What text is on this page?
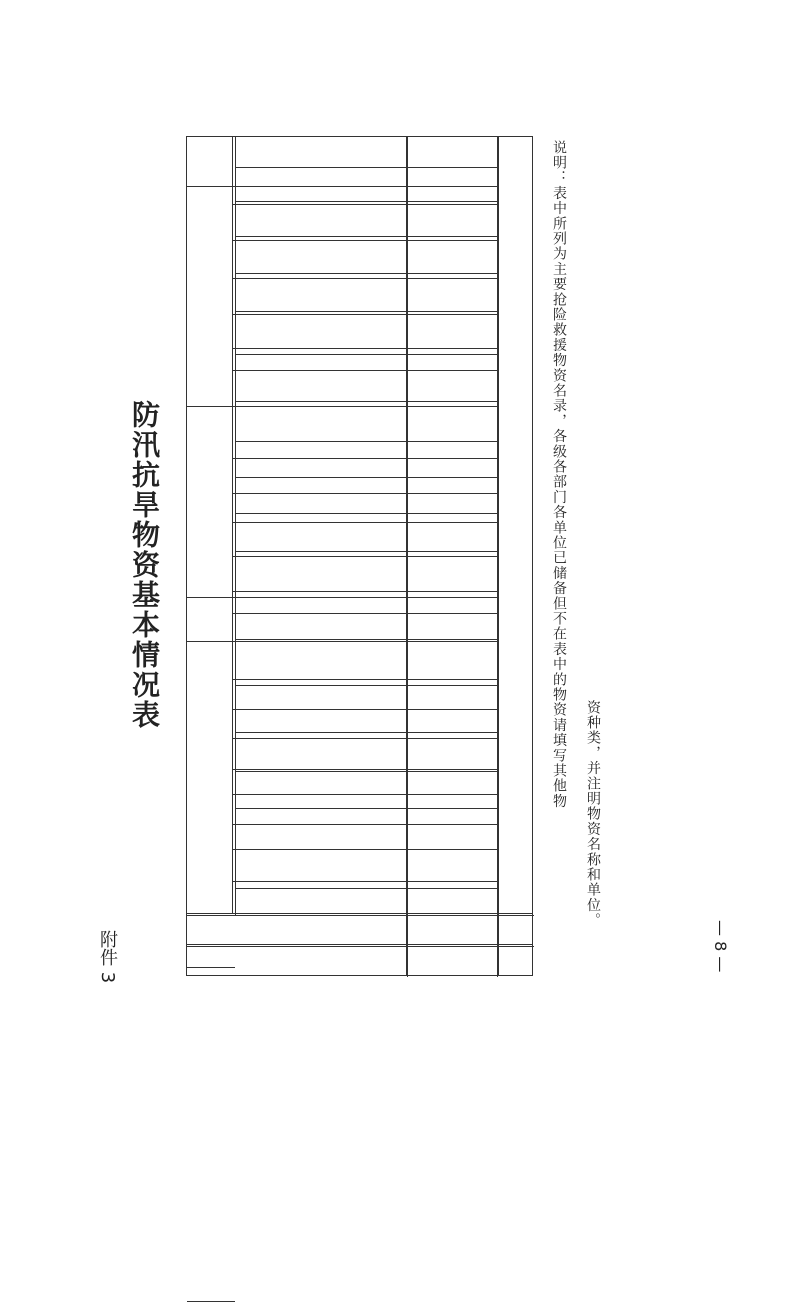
附件 3
防汛抗旱物资基本情况表	说明：表中所列为主要抢险救援物资名录，各级各部门各单位已储备但不在表中的物资请填写其他物
资种类，并注明物资名称和单位。
— 8 —
